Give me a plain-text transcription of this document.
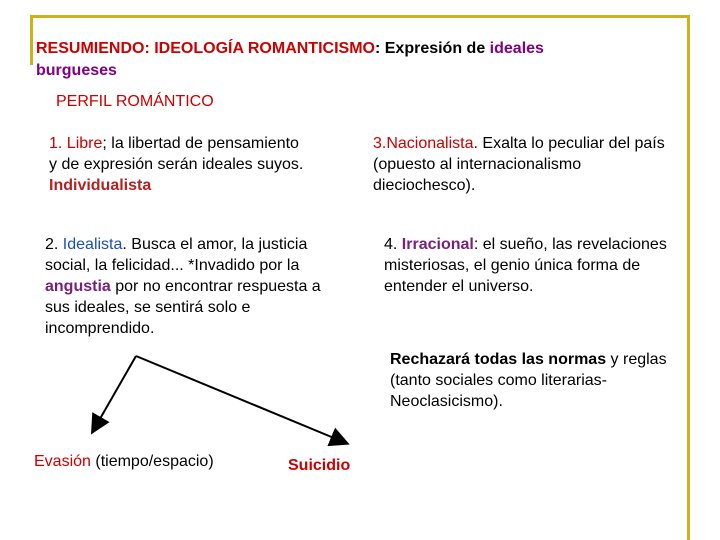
RESUMIENDO: IDEOLOGÍA ROMANTICISMO: Expresión de ideales
burgueses
PERFIL ROMÁNTICO
1. Libre; la libertad de pensamiento y de expresión serán ideales suyos. Individualista
3.Nacionalista. Exalta lo peculiar del país (opuesto al internacionalismo dieciochesco).
2. Idealista. Busca el amor, la justicia social, la felicidad... *Invadido por la angustia por no encontrar respuesta a sus ideales, se sentirá solo e incomprendido.
4. Irracional: el sueño, las revelaciones misteriosas, el genio única forma de entender el universo.
Rechazará todas las normas y reglas (tanto sociales como literarias-Neoclasicismo).
Evasión (tiempo/espacio)	Suicidio
